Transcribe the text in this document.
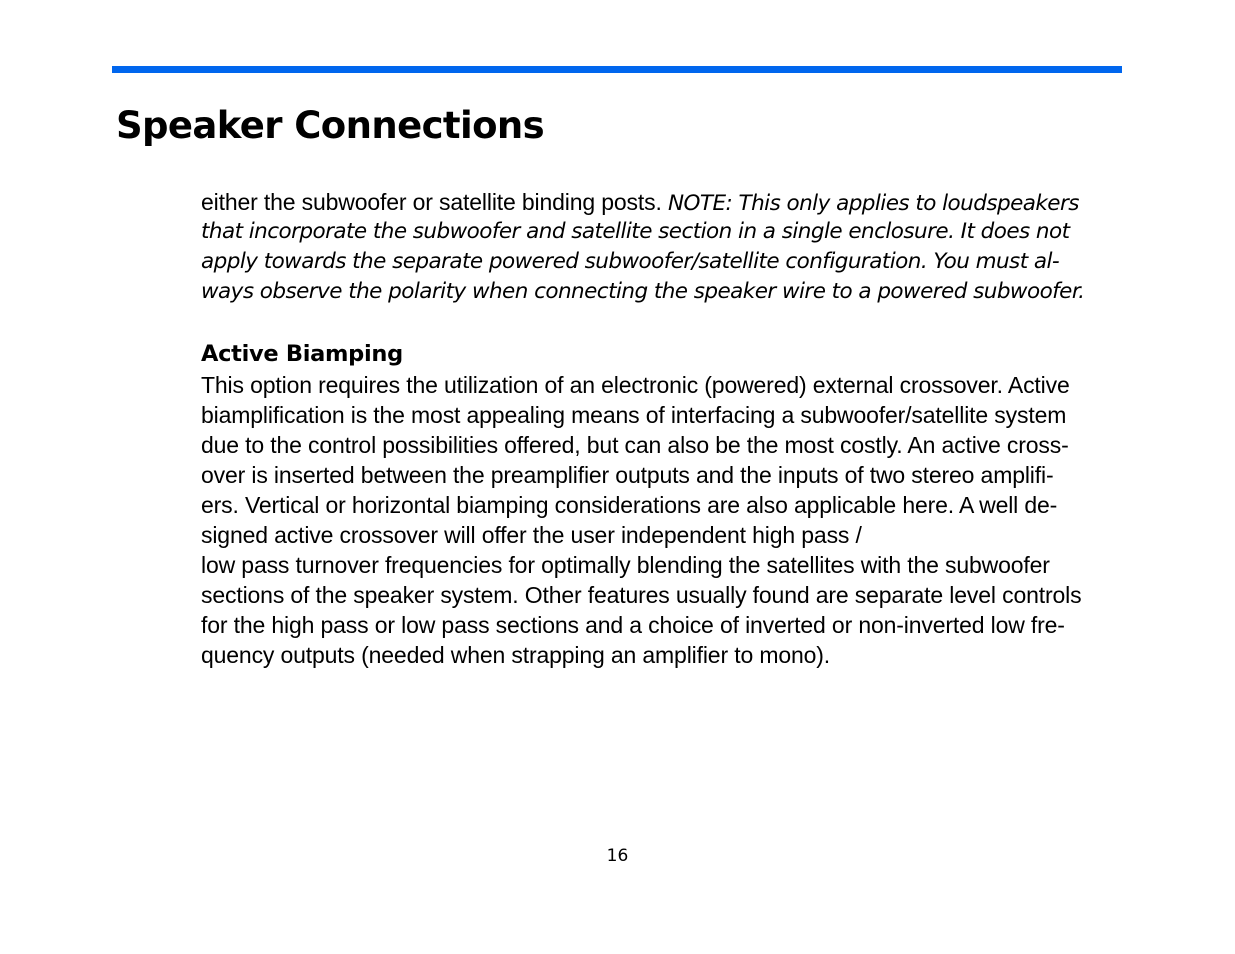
Speaker Connections
either the subwoofer or satellite binding posts. NOTE: This only applies to loudspeakers
that incorporate the subwoofer and satellite section in a single enclosure. It does not
apply towards the separate powered subwoofer/satellite configuration. You must al-
ways observe the polarity when connecting the speaker wire to a powered subwoofer.
Active Biamping
This option requires the utilization of an electronic (powered) external crossover. Active
biamplification is the most appealing means of interfacing a subwoofer/satellite system
due to the control possibilities offered, but can also be the most costly. An active cross-
over is inserted between the preamplifier outputs and the inputs of two stereo amplifi-
ers. Vertical or horizontal biamping considerations are also applicable here. A well de-
signed active crossover will offer the user independent high pass /
low pass turnover frequencies for optimally blending the satellites with the subwoofer
sections of the speaker system. Other features usually found are separate level controls
for the high pass or low pass sections and a choice of inverted or non-inverted low fre-
quency outputs (needed when strapping an amplifier to mono).
16
